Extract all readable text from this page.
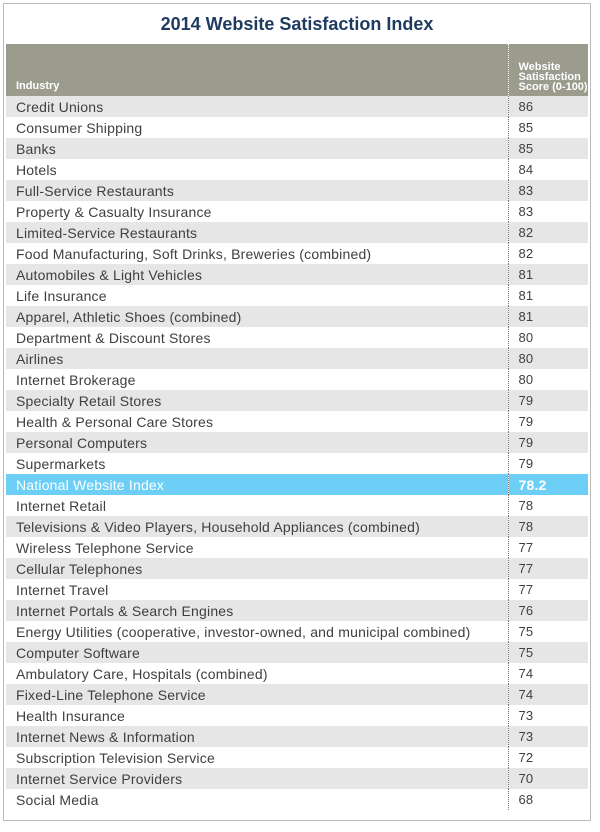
2014 Website Satisfaction Index
Industry	Website Satisfaction Score (0-100)

Credit Unions	86
Consumer Shipping	85
Banks	85
Hotels	84
Full-Service Restaurants	83
Property & Casualty Insurance	83
Limited-Service Restaurants	82
Food Manufacturing, Soft Drinks, Breweries (combined)	82
Automobiles & Light Vehicles	81
Life Insurance	81
Apparel, Athletic Shoes (combined)	81
Department & Discount Stores	80
Airlines	80
Internet Brokerage	80
Specialty Retail Stores	79
Health & Personal Care Stores	79
Personal Computers	79
Supermarkets	79
National Website Index	78.2
Internet Retail	78
Televisions & Video Players, Household Appliances (combined)	78
Wireless Telephone Service	77
Cellular Telephones	77
Internet Travel	77
Internet Portals & Search Engines	76
Energy Utilities (cooperative, investor-owned, and municipal combined)	75
Computer Software	75
Ambulatory Care, Hospitals (combined)	74
Fixed-Line Telephone Service	74
Health Insurance	73
Internet News & Information	73
Subscription Television Service	72
Internet Service Providers	70
Social Media	68
